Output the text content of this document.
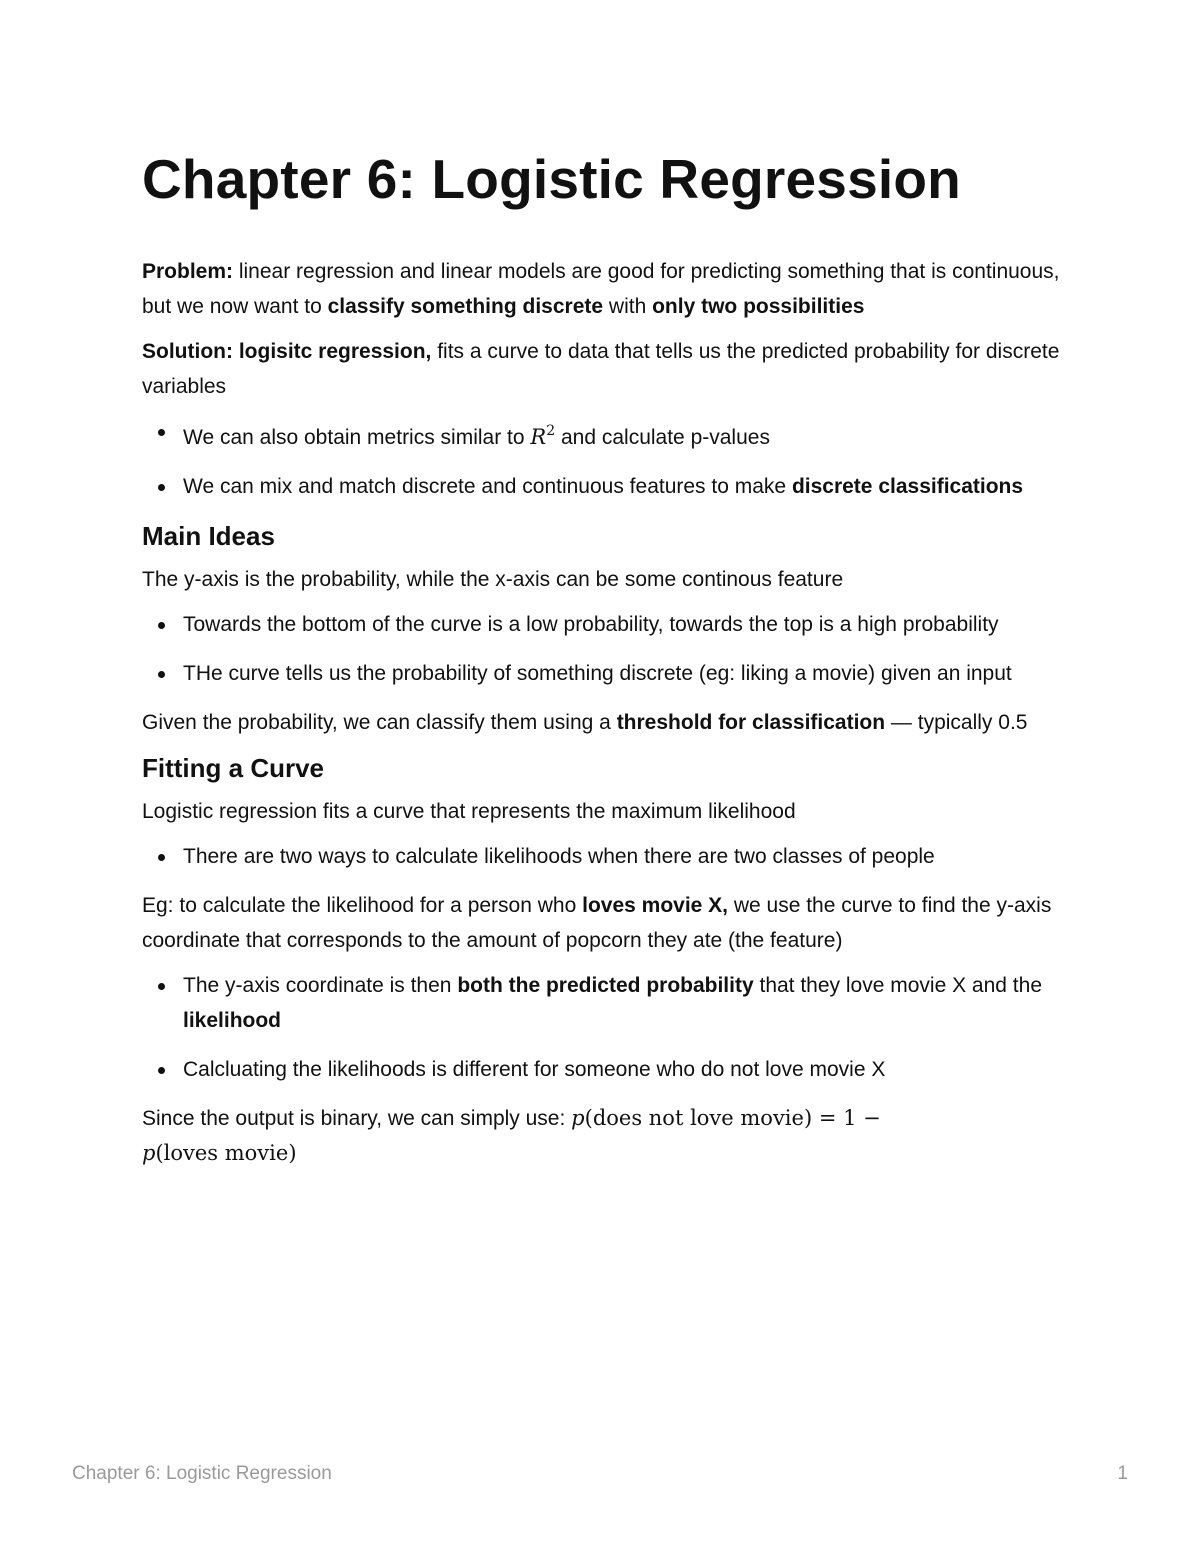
Chapter 6: Logistic Regression

Problem: linear regression and linear models are good for predicting something that is continuous, but we now want to classify something discrete with only two possibilities

Solution: logisitc regression, fits a curve to data that tells us the predicted probability for discrete variables

We can also obtain metrics similar to $R^2$ and calculate p-values
We can mix and match discrete and continuous features to make discrete classifications
Main Ideas

The y-axis is the probability, while the x-axis can be some continous feature

Towards the bottom of the curve is a low probability, towards the top is a high probability
THe curve tells us the probability of something discrete (eg: liking a movie) given an input

Given the probability, we can classify them using a threshold for classification — typically 0.5

Fitting a Curve

Logistic regression fits a curve that represents the maximum likelihood

There are two ways to calculate likelihoods when there are two classes of people

Eg: to calculate the likelihood for a person who loves movie X, we use the curve to find the y-axis coordinate that corresponds to the amount of popcorn they ate (the feature)

The y-axis coordinate is then both the predicted probability that they love movie X and the likelihood
Calcluating the likelihoods is different for someone who do not love movie X

Since the output is binary, we can simply use: p(does not love movie) = 1 −
p(loves movie)

Chapter 6: Logistic Regression	1
